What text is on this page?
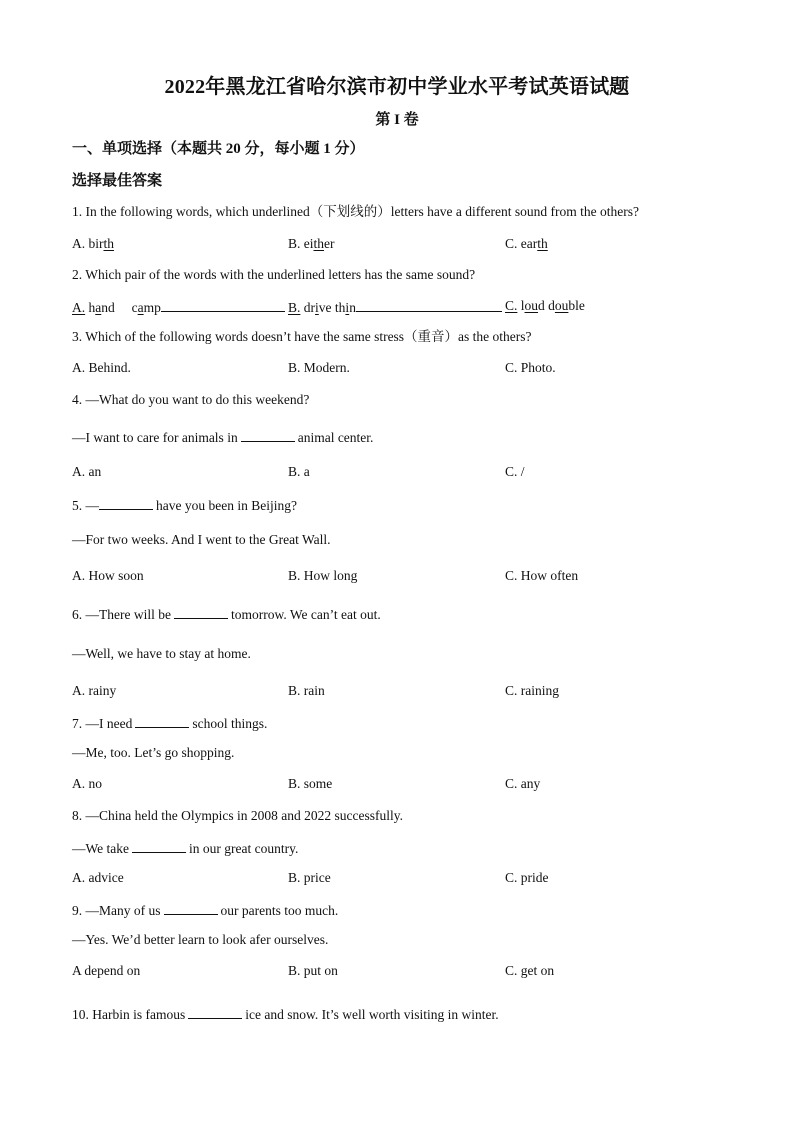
2022年黑龙江省哈尔滨市初中学业水平考试英语试题
第 I 卷
一、单项选择（本题共 20 分，每小题 1 分）
选择最佳答案
1. In the following words, which underlined（下划线的）letters have a different sound from the others?
A. birth	B. either	C. earth
2. Which pair of the words with the underlined letters has the same sound?
A. hand camp	B. drive thin	C. loud double
3. Which of the following words doesn’t have the same stress（重音）as the others?
A. Behind.	B. Modern.	C. Photo.
4. —What do you want to do this weekend?
—I want to care for animals in	animal center.
A. an	B. a	C. /
5. —	have you been in Beijing?
—For two weeks. And I went to the Great Wall.
A. How soon	B. How long	C. How often
6. —There will be	tomorrow. We can’t eat out.
—Well, we have to stay at home.
A. rainy	B. rain	C. raining
7. —I need	school things.
—Me, too. Let’s go shopping.
A. no	B. some	C. any
8. —China held the Olympics in 2008 and 2022 successfully.
—We take	in our great country.
A. advice	B. price	C. pride
9. —Many of us	our parents too much.
—Yes. We’d better learn to look afer ourselves.
A depend on	B. put on	C. get on
10. Harbin is famous	ice and snow. It’s well worth visiting in winter.
